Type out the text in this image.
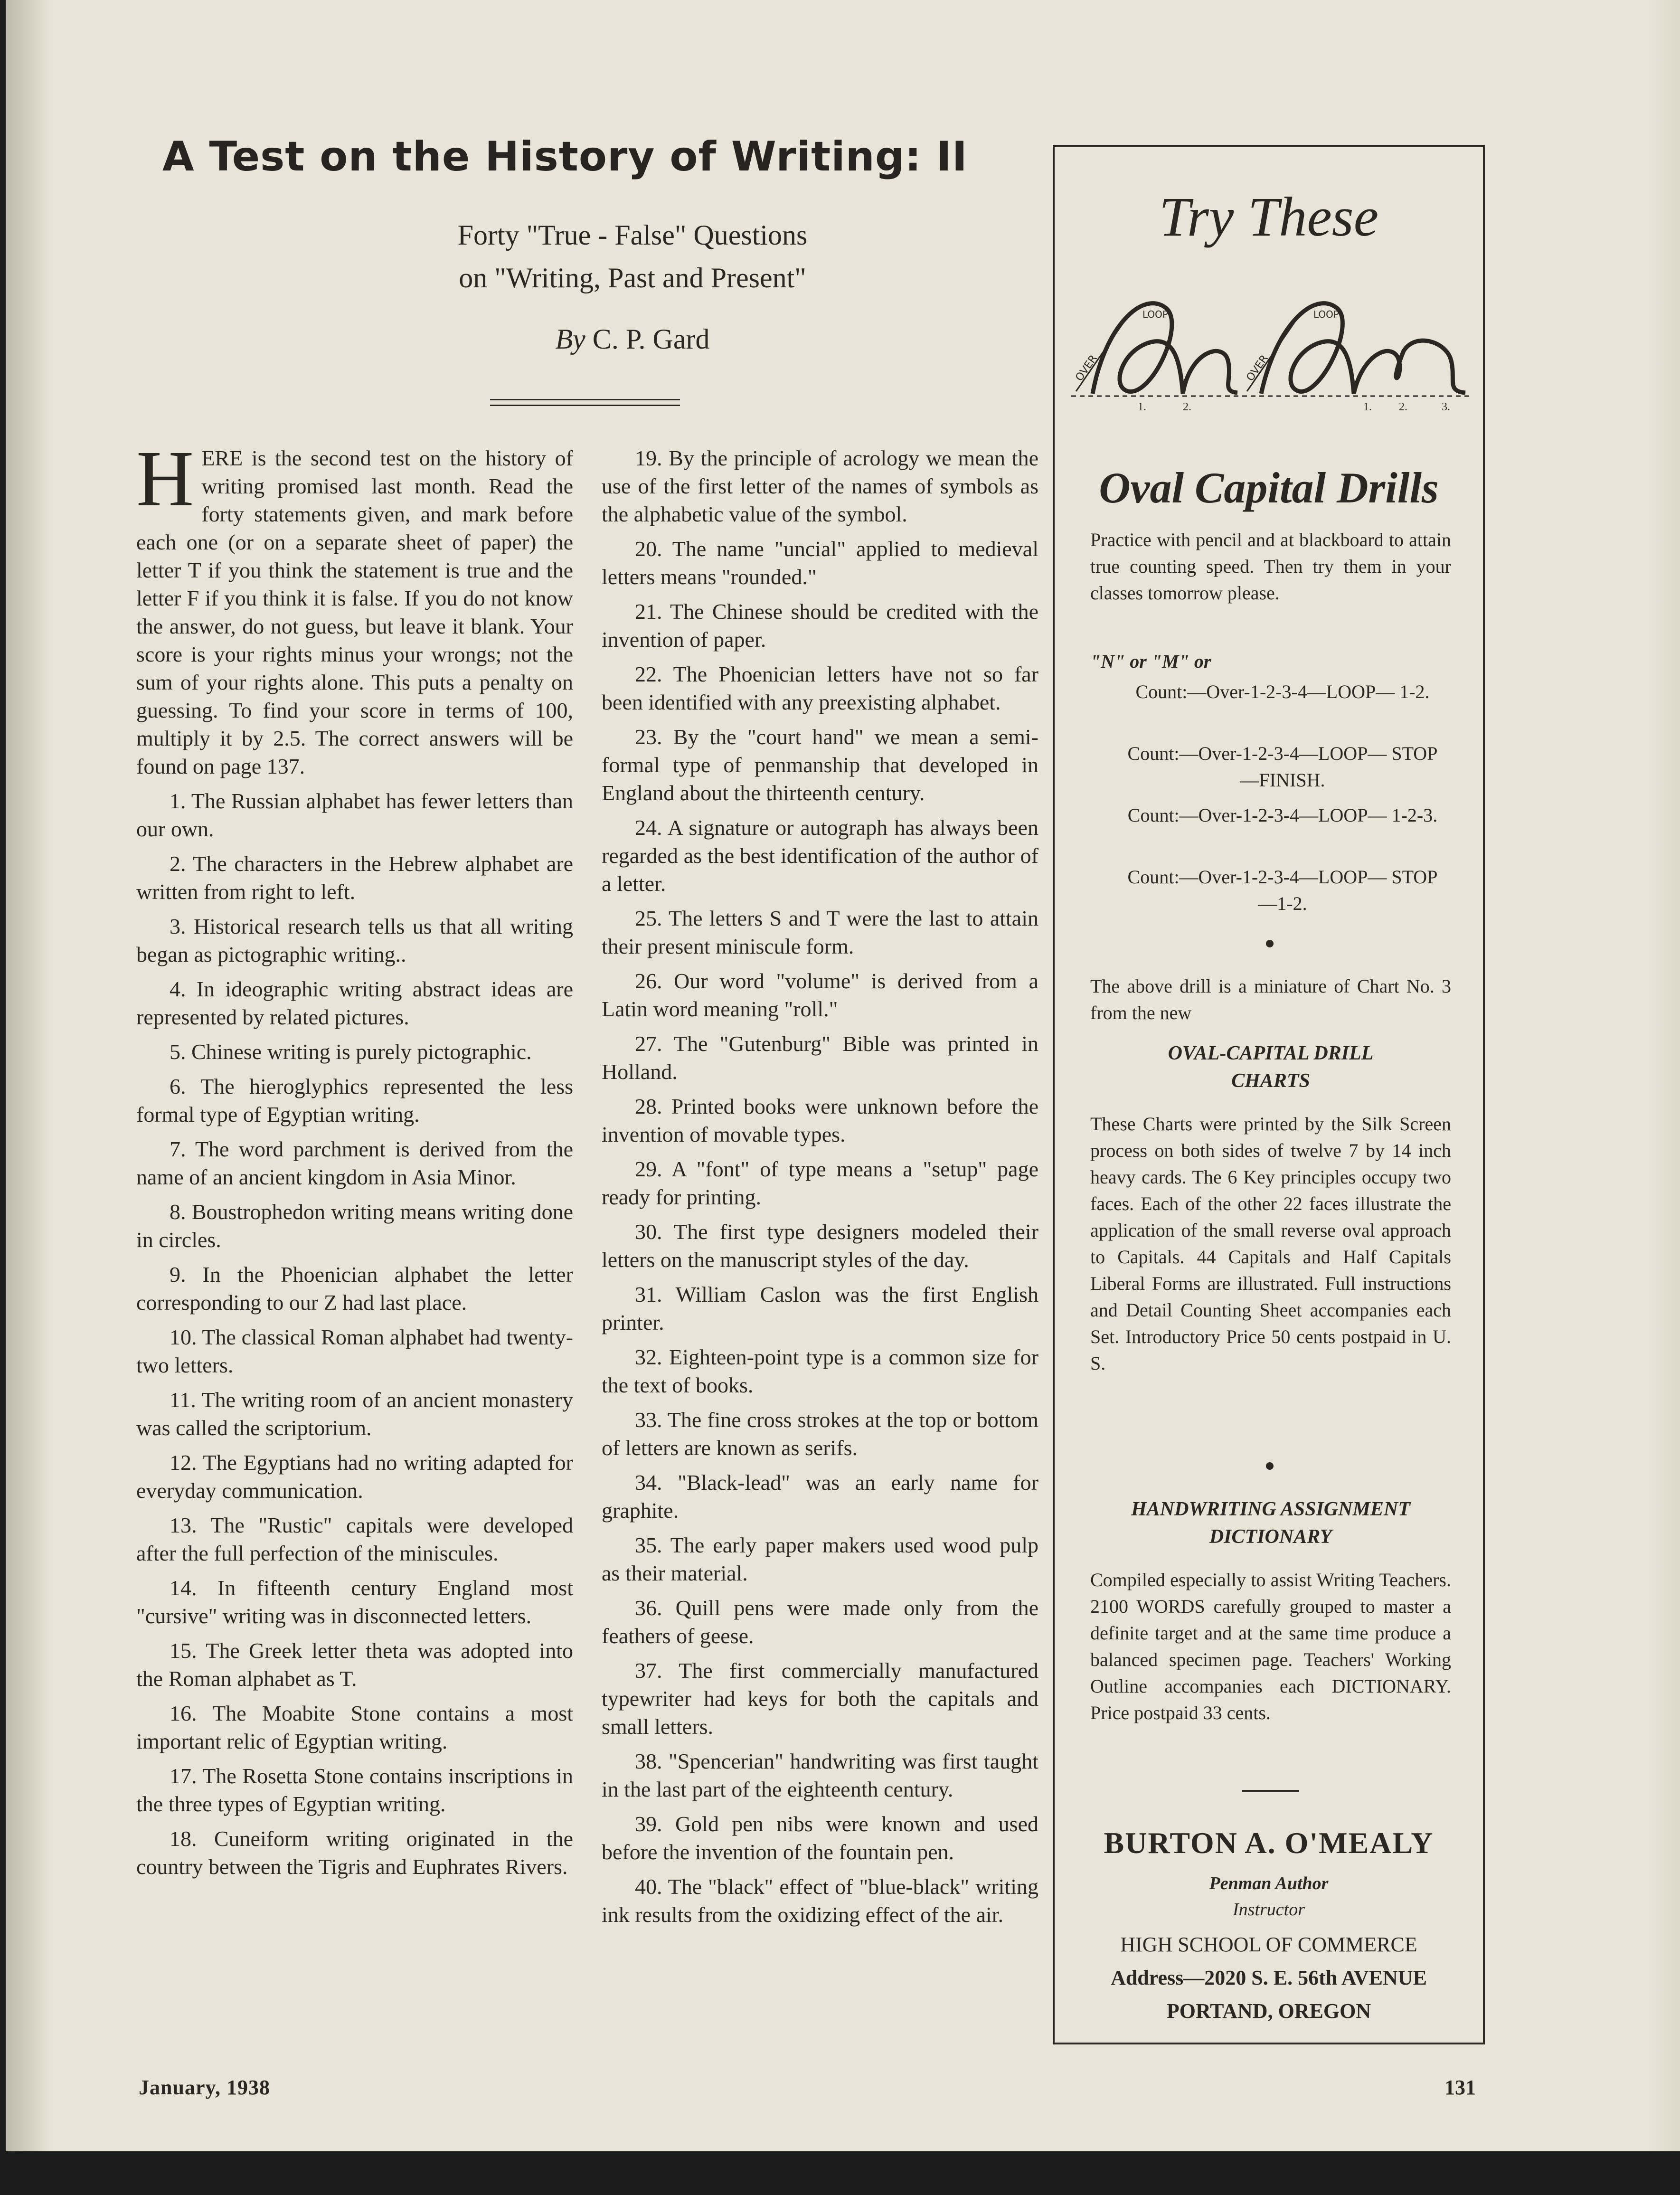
A Test on the History of Writing: II
Forty "True - False" Questions
on "Writing, Past and Present"
By C. P. Gard

HERE is the second test on the history of writing promised last month. Read the forty statements given, and mark before each one (or on a separate sheet of paper) the letter T if you think the statement is true and the letter F if you think it is false. If you do not know the answer, do not guess, but leave it blank. Your score is your rights minus your wrongs; not the sum of your rights alone. This puts a penalty on guessing. To find your score in terms of 100, multiply it by 2.5. The correct answers will be found on page 137.

1. The Russian alphabet has fewer letters than our own.

2. The characters in the Hebrew alphabet are written from right to left.

3. Historical research tells us that all writing began as pictographic writing..

4. In ideographic writing abstract ideas are represented by related pictures.

5. Chinese writing is purely pictographic.

6. The hieroglyphics represented the less formal type of Egyptian writing.

7. The word parchment is derived from the name of an ancient kingdom in Asia Minor.

8. Boustrophedon writing means writing done in circles.

9. In the Phoenician alphabet the letter corresponding to our Z had last place.

10. The classical Roman alphabet had twenty-two letters.

11. The writing room of an ancient monastery was called the scriptorium.

12. The Egyptians had no writing adapted for everyday communication.

13. The "Rustic" capitals were developed after the full perfection of the miniscules.

14. In fifteenth century England most "cursive" writing was in disconnected letters.

15. The Greek letter theta was adopted into the Roman alphabet as T.

16. The Moabite Stone contains a most important relic of Egyptian writing.

17. The Rosetta Stone contains inscriptions in the three types of Egyptian writing.

18. Cuneiform writing originated in the country between the Tigris and Euphrates Rivers.

19. By the principle of acrology we mean the use of the first letter of the names of symbols as the alphabetic value of the symbol.

20. The name "uncial" applied to medieval letters means "rounded."

21. The Chinese should be credited with the invention of paper.

22. The Phoenician letters have not so far been identified with any preexisting alphabet.

23. By the "court hand" we mean a semi-formal type of penmanship that developed in England about the thirteenth century.

24. A signature or autograph has always been regarded as the best identification of the author of a letter.

25. The letters S and T were the last to attain their present miniscule form.

26. Our word "volume" is derived from a Latin word meaning "roll."

27. The "Gutenburg" Bible was printed in Holland.

28. Printed books were unknown before the invention of movable types.

29. A "font" of type means a "setup" page ready for printing.

30. The first type designers modeled their letters on the manuscript styles of the day.

31. William Caslon was the first English printer.

32. Eighteen-point type is a common size for the text of books.

33. The fine cross strokes at the top or bottom of letters are known as serifs.

34. "Black-lead" was an early name for graphite.

35. The early paper makers used wood pulp as their material.

36. Quill pens were made only from the feathers of geese.

37. The first commercially manufactured typewriter had keys for both the capitals and small letters.

38. "Spencerian" handwriting was first taught in the last part of the eighteenth century.

39. Gold pen nibs were known and used before the invention of the fountain pen.

40. The "black" effect of "blue-black" writing ink results from the oxidizing effect of the air.

Try These
OVER	OVER
LOOP	LOOP
1.	2.	1. 2.	3.
Oval Capital Drills
Practice with pencil and at blackboard to attain true counting speed. Then try them in your classes tomorrow please.
"N" or "M" or
Count:—Over-1-2-3-4—LOOP— 1-2.
Count:—Over-1-2-3-4—LOOP— STOP—FINISH.
Count:—Over-1-2-3-4—LOOP— 1-2-3.
Count:—Over-1-2-3-4—LOOP— STOP—1-2.
The above drill is a miniature of Chart No. 3 from the new
OVAL-CAPITAL DRILL CHARTS
These Charts were printed by the Silk Screen process on both sides of twelve 7 by 14 inch heavy cards. The 6 Key principles occupy two faces. Each of the other 22 faces illustrate the application of the small reverse oval approach to Capitals. 44 Capitals and Half Capitals Liberal Forms are illustrated. Full instructions and Detail Counting Sheet accompanies each Set. Introductory Price 50 cents postpaid in U. S.
HANDWRITING ASSIGNMENT DICTIONARY
Compiled especially to assist Writing Teachers. 2100 WORDS carefully grouped to master a definite target and at the same time produce a balanced specimen page. Teachers' Working Outline accompanies each DICTIONARY. Price postpaid 33 cents.
BURTON A. O'MEALY
Penman Author
Instructor
HIGH SCHOOL OF COMMERCE
Address—2020 S. E. 56th AVENUE
PORTAND, OREGON
January, 1938	131
